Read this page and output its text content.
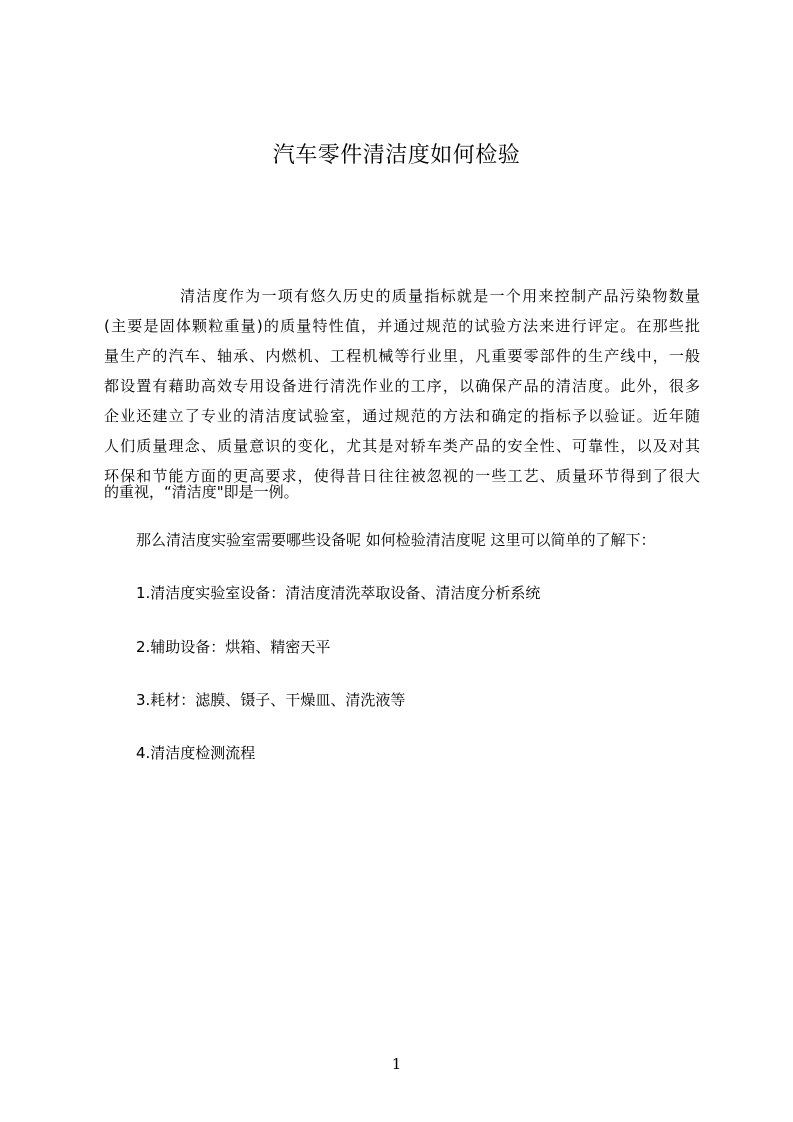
汽车零件清洁度如何检验
清洁度作为一项有悠久历史的质量指标就是一个用来控制产品污染物数量
(主要是固体颗粒重量)的质量特性值，并通过规范的试验方法来进行评定。在那些批
量生产的汽车、轴承、内燃机、工程机械等行业里，凡重要零部件的生产线中，一般
都设置有藉助高效专用设备进行清洗作业的工序，以确保产品的清洁度。此外，很多
企业还建立了专业的清洁度试验室，通过规范的方法和确定的指标予以验证。近年随
人们质量理念、质量意识的变化，尤其是对轿车类产品的安全性、可靠性，以及对其
环保和节能方面的更高要求，使得昔日往往被忽视的一些工艺、质量环节得到了很大
的重视，“清洁度"即是一例。
那么清洁度实验室需要哪些设备呢 如何检验清洁度呢 这里可以简单的了解下：
1.清洁度实验室设备：清洁度清洗萃取设备、清洁度分析系统
2.辅助设备：烘箱、精密天平
3.耗材：滤膜、镊子、干燥皿、清洗液等
4.清洁度检测流程
1
